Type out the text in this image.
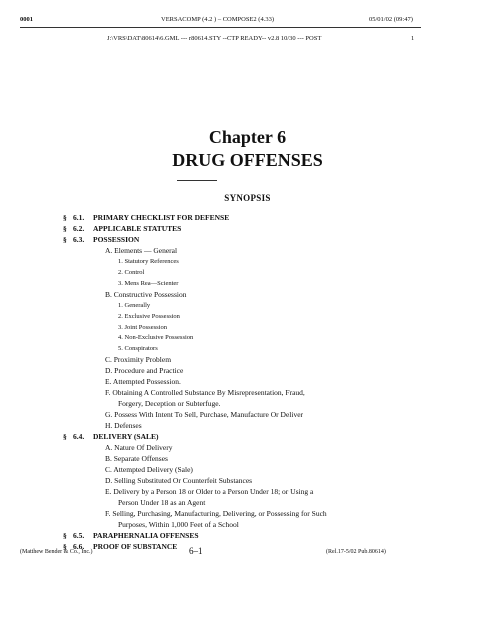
0001	VERSACOMP (4.2 ) – COMPOSE2 (4.33)	05/01/02 (09:47)
J:\VRS\DAT\80614\6.GML --- r80614.STY --CTP READY-- v2.8 10/30 --- POST	1
Chapter 6
DRUG OFFENSES
SYNOPSIS
§ 6.1. PRIMARY CHECKLIST FOR DEFENSE
§ 6.2. APPLICABLE STATUTES
§ 6.3. POSSESSION
A. Elements — General
1. Statutory References
2. Control
3. Mens Rea—Scienter
B. Constructive Possession
1. Generally
2. Exclusive Possession
3. Joint Possession
4. Non-Exclusive Possession
5. Conspirators
C. Proximity Problem
D. Procedure and Practice
E. Attempted Possession.
F. Obtaining A Controlled Substance By Misrepresentation, Fraud,
Forgery, Deception or Subterfuge.
G. Possess With Intent To Sell, Purchase, Manufacture Or Deliver
H. Defenses
§ 6.4. DELIVERY (SALE)
A. Nature Of Delivery
B. Separate Offenses
C. Attempted Delivery (Sale)
D. Selling Substituted Or Counterfeit Substances
E. Delivery by a Person 18 or Older to a Person Under 18; or Using a
Person Under 18 as an Agent
F. Selling, Purchasing, Manufacturing, Delivering, or Possessing for Such
Purposes, Within 1,000 Feet of a School
§ 6.5. PARAPHERNALIA OFFENSES
§ 6.6. PROOF OF SUBSTANCE
(Matthew Bender & Co., Inc.)	6–1	(Rel.17-5/02 Pub.80614)
